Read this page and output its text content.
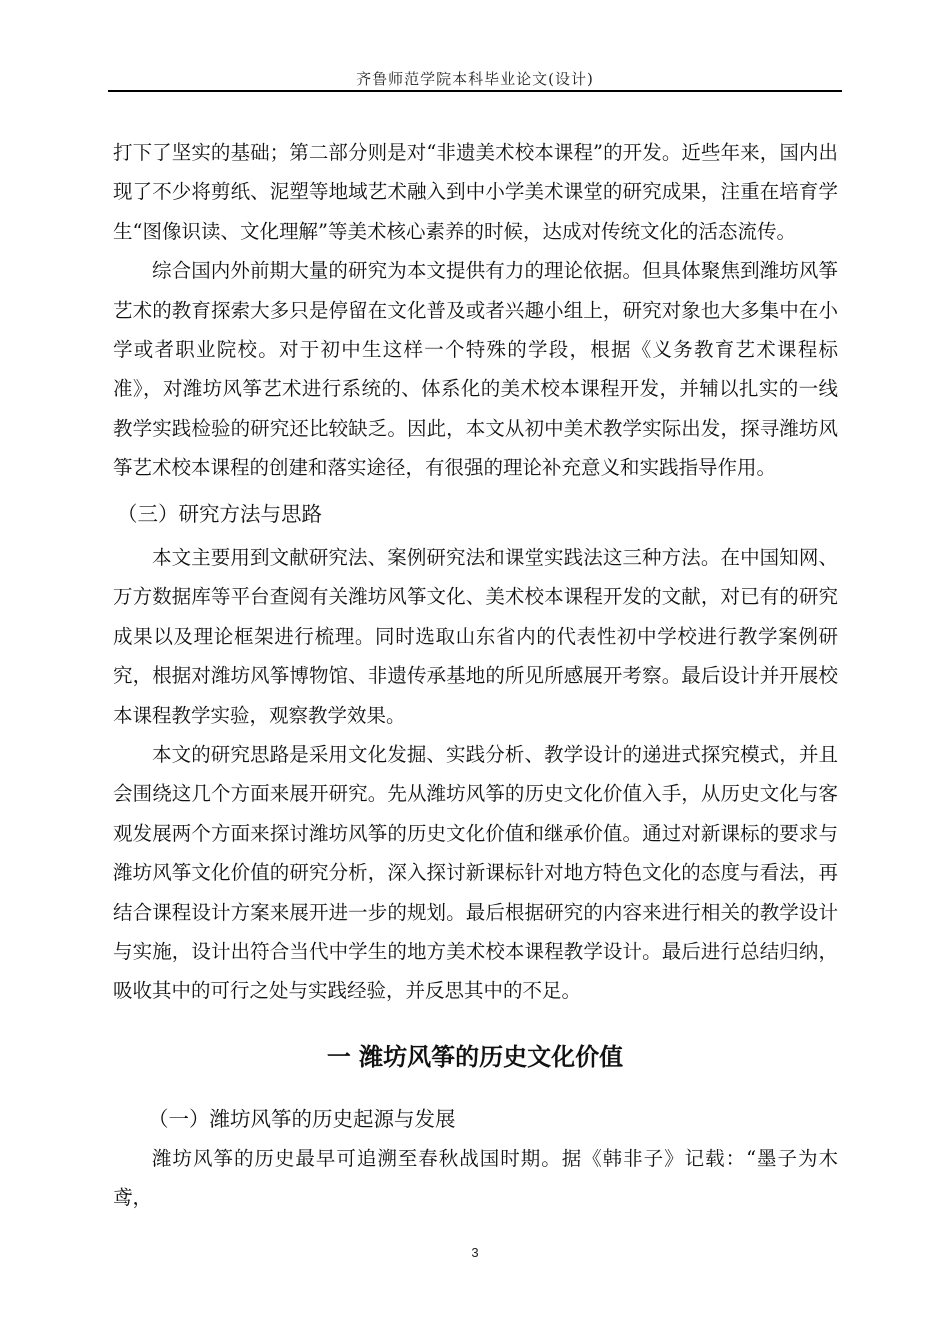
齐鲁师范学院本科毕业论文(设计)

打下了坚实的基础；第二部分则是对“非遗美术校本课程”的开发。近些年来，国内出现了不少将剪纸、泥塑等地域艺术融入到中小学美术课堂的研究成果，注重在培育学生“图像识读、文化理解”等美术核心素养的时候，达成对传统文化的活态流传。

综合国内外前期大量的研究为本文提供有力的理论依据。但具体聚焦到潍坊风筝艺术的教育探索大多只是停留在文化普及或者兴趣小组上，研究对象也大多集中在小学或者职业院校。对于初中生这样一个特殊的学段，根据《义务教育艺术课程标准》，对潍坊风筝艺术进行系统的、体系化的美术校本课程开发，并辅以扎实的一线教学实践检验的研究还比较缺乏。因此，本文从初中美术教学实际出发，探寻潍坊风筝艺术校本课程的创建和落实途径，有很强的理论补充意义和实践指导作用。

（三）研究方法与思路

本文主要用到文献研究法、案例研究法和课堂实践法这三种方法。在中国知网、万方数据库等平台查阅有关潍坊风筝文化、美术校本课程开发的文献，对已有的研究成果以及理论框架进行梳理。同时选取山东省内的代表性初中学校进行教学案例研究，根据对潍坊风筝博物馆、非遗传承基地的所见所感展开考察。最后设计并开展校本课程教学实验，观察教学效果。

本文的研究思路是采用文化发掘、实践分析、教学设计的递进式探究模式，并且会围绕这几个方面来展开研究。先从潍坊风筝的历史文化价值入手，从历史文化与客观发展两个方面来探讨潍坊风筝的历史文化价值和继承价值。通过对新课标的要求与潍坊风筝文化价值的研究分析，深入探讨新课标针对地方特色文化的态度与看法，再结合课程设计方案来展开进一步的规划。最后根据研究的内容来进行相关的教学设计与实施，设计出符合当代中学生的地方美术校本课程教学设计。最后进行总结归纳，吸收其中的可行之处与实践经验，并反思其中的不足。

一 潍坊风筝的历史文化价值
（一）潍坊风筝的历史起源与发展

潍坊风筝的历史最早可追溯至春秋战国时期。据《韩非子》记载：“墨子为木鸢，

3
